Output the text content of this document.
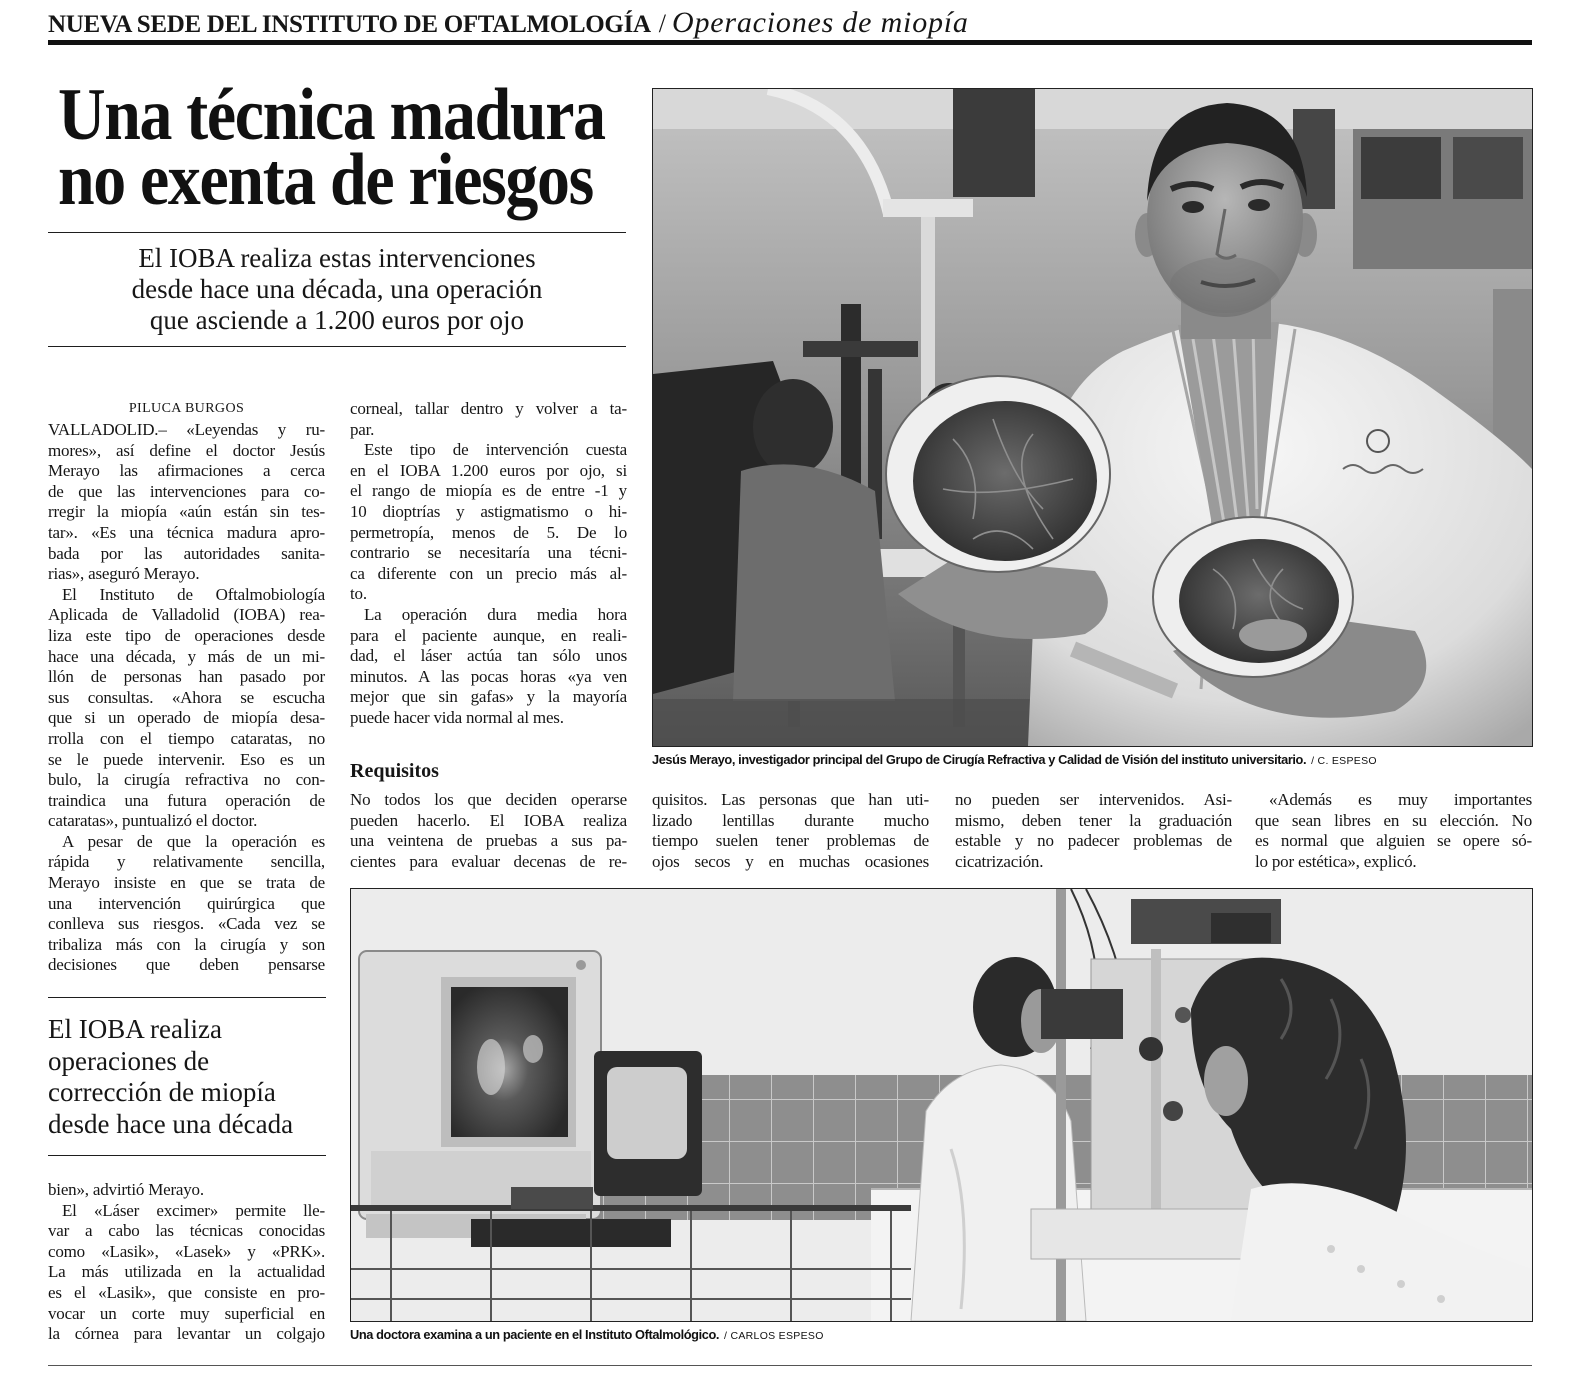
NUEVA SEDE DEL INSTITUTO DE OFTALMOLOGÍA / Operaciones de miopía
Una técnica madura
no exenta de riesgos
El IOBA realiza estas intervenciones
desde hace una década, una operación
que asciende a 1.200 euros por ojo
PILUCA BURGOS
VALLADOLID.– «Leyendas y ru-
mores», así define el doctor Jesús
Merayo las afirmaciones a cerca
de que las intervenciones para co-
rregir la miopía «aún están sin tes-
tar». «Es una técnica madura apro-
bada por las autoridades sanita-
rias», aseguró Merayo.
El Instituto de Oftalmobiología
Aplicada de Valladolid (IOBA) rea-
liza este tipo de operaciones desde
hace una década, y más de un mi-
llón de personas han pasado por
sus consultas. «Ahora se escucha
que si un operado de miopía desa-
rrolla con el tiempo cataratas, no
se le puede intervenir. Eso es un
bulo, la cirugía refractiva no con-
traindica una futura operación de
cataratas», puntualizó el doctor.
A pesar de que la operación es
rápida y relativamente sencilla,
Merayo insiste en que se trata de
una intervención quirúrgica que
conlleva sus riesgos. «Cada vez se
tribaliza más con la cirugía y son
decisiones que deben pensarse
El IOBA realiza
operaciones de
corrección de miopía
desde hace una década
bien», advirtió Merayo.
El «Láser excimer» permite lle-
var a cabo las técnicas conocidas
como «Lasik», «Lasek» y «PRK».
La más utilizada en la actualidad
es el «Lasik», que consiste en pro-
vocar un corte muy superficial en
la córnea para levantar un colgajo
corneal, tallar dentro y volver a ta-
par.
Este tipo de intervención cuesta
en el IOBA 1.200 euros por ojo, si
el rango de miopía es de entre -1 y
10 dioptrías y astigmatismo o hi-
permetropía, menos de 5. De lo
contrario se necesitaría una técni-
ca diferente con un precio más al-
to.
La operación dura media hora
para el paciente aunque, en reali-
dad, el láser actúa tan sólo unos
minutos. A las pocas horas «ya ven
mejor que sin gafas» y la mayoría
puede hacer vida normal al mes.
Requisitos
No todos los que deciden operarse
pueden hacerlo. El IOBA realiza
una veintena de pruebas a sus pa-
cientes para evaluar decenas de re-
quisitos. Las personas que han uti-
lizado lentillas durante mucho
tiempo suelen tener problemas de
ojos secos y en muchas ocasiones
no pueden ser intervenidos. Asi-
mismo, deben tener la graduación
estable y no padecer problemas de
cicatrización.
«Además es muy importantes
que sean libres en su elección. No
es normal que alguien se opere só-
lo por estética», explicó.
Jesús Merayo, investigador principal del Grupo de Cirugía Refractiva y Calidad de Visión del instituto universitario. / C. ESPESO
Una doctora examina a un paciente en el Instituto Oftalmológico. / CARLOS ESPESO
